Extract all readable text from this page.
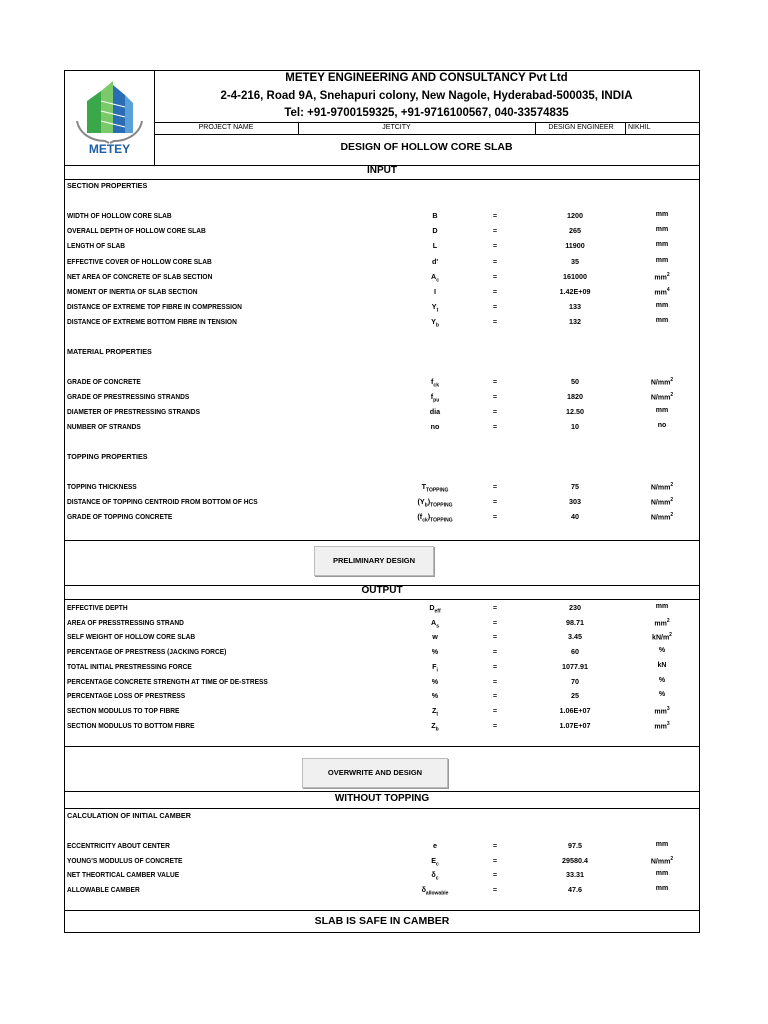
METEY
METEY ENGINEERING AND CONSULTANCY Pvt Ltd
2-4-216, Road 9A, Snehapuri colony, New Nagole, Hyderabad-500035, INDIA
Tel: +91-9700159325, +91-9716100567, 040-33574835
PROJECT NAME	JETCITY	DESIGN ENGINEER	NIKHIL
DESIGN OF HOLLOW CORE SLAB
INPUT
SECTION PROPERTIES
WIDTH OF HOLLOW CORE SLAB	B	=	1200	mm
OVERALL DEPTH OF HOLLOW CORE SLAB	D	=	265	mm
LENGTH OF SLAB	L	=	11900	mm
EFFECTIVE COVER OF HOLLOW CORE SLAB	d'	=	35	mm
NET AREA OF CONCRETE OF SLAB SECTION	$A_c$	=	161000	$mm^2$
MOMENT OF INERTIA OF SLAB SECTION	I	=	1.42E+09	$mm^4$
DISTANCE OF EXTREME TOP FIBRE IN COMPRESSION	$Y_t$	=	133	mm
DISTANCE OF EXTREME BOTTOM FIBRE IN TENSION	$Y_b$	=	132	mm
MATERIAL PROPERTIES
GRADE OF CONCRETE	$f_{ck}$	=	50	$N/mm^2$
GRADE OF PRESTRESSING STRANDS	$f_{pu}$	=	1820	$N/mm^2$
DIAMETER OF PRESTRESSING STRANDS	dia	=	12.50	mm
NUMBER OF STRANDS	no	=	10	no
TOPPING PROPERTIES
TOPPING THICKNESS	$T_{TOPPING}$	=	75	$N/mm^2$
DISTANCE OF TOPPING CENTROID FROM BOTTOM OF HCS	$(Y_b)_{TOPPING}$	=	303	$N/mm^2$
GRADE OF TOPPING CONCRETE	$(f_{ck})_{TOPPING}$	=	40	$N/mm^2$
PRELIMINARY DESIGN
OUTPUT
EFFECTIVE DEPTH	$D_{eff}$	=	230	mm
AREA OF PRESSTRESSING STRAND	$A_s$	=	98.71	$mm^2$
SELF WEIGHT OF HOLLOW CORE SLAB	w	=	3.45	$kN/m^2$
PERCENTAGE OF PRESTRESS (JACKING FORCE)	%	=	60	%
TOTAL INITIAL PRESTRESSING FORCE	$F_i$	=	1077.91	kN
PERCENTAGE CONCRETE STRENGTH AT TIME OF DE-STRESS	%	=	70	%
PERCENTAGE LOSS OF PRESTRESS	%	=	25	%
SECTION MODULUS TO TOP FIBRE	$Z_t$	=	1.06E+07	$mm^3$
SECTION MODULUS TO BOTTOM FIBRE	$Z_b$	=	1.07E+07	$mm^3$
OVERWRITE AND DESIGN
WITHOUT TOPPING
CALCULATION OF INITIAL CAMBER
ECCENTRICITY ABOUT CENTER	e	=	97.5	mm
YOUNG'S MODULUS OF CONCRETE	$E_c$	=	29580.4	$N/mm^2$
NET THEORTICAL CAMBER VALUE	$\delta_c$	=	33.31	mm
ALLOWABLE CAMBER	$\delta_{allowable}$	=	47.6	mm
SLAB IS SAFE IN CAMBER
